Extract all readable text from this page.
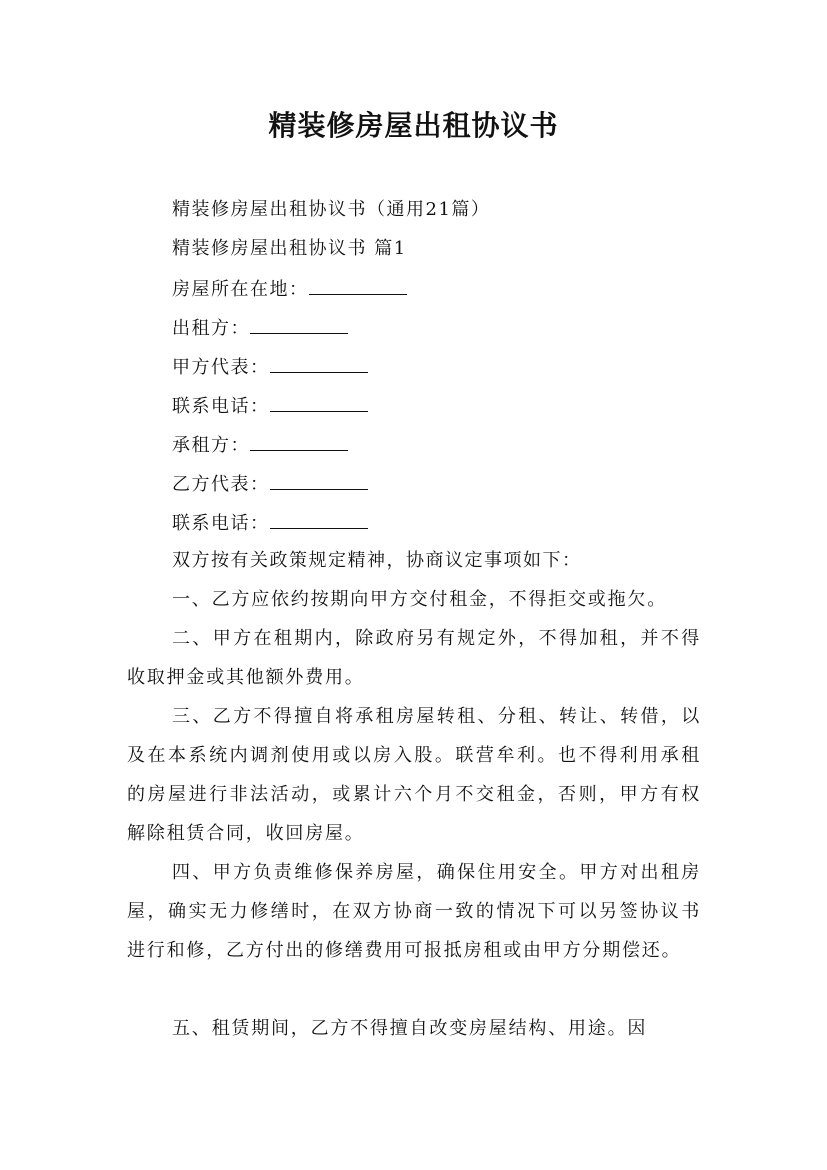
精装修房屋出租协议书

精装修房屋出租协议书（通用21篇）

精装修房屋出租协议书 篇1

房屋所在在地：

出租方：

甲方代表：

联系电话：

承租方：

乙方代表：

联系电话：

双方按有关政策规定精神，协商议定事项如下：

一、乙方应依约按期向甲方交付租金，不得拒交或拖欠。

二、甲方在租期内，除政府另有规定外，不得加租，并不得收取押金或其他额外费用。

三、乙方不得擅自将承租房屋转租、分租、转让、转借，以及在本系统内调剂使用或以房入股。联营牟利。也不得利用承租的房屋进行非法活动，或累计六个月不交租金，否则，甲方有权解除租赁合同，收回房屋。

四、甲方负责维修保养房屋，确保住用安全。甲方对出租房屋，确实无力修缮时，在双方协商一致的情况下可以另签协议书进行和修，乙方付出的修缮费用可报抵房租或由甲方分期偿还。

五、租赁期间，乙方不得擅自改变房屋结构、用途。因
